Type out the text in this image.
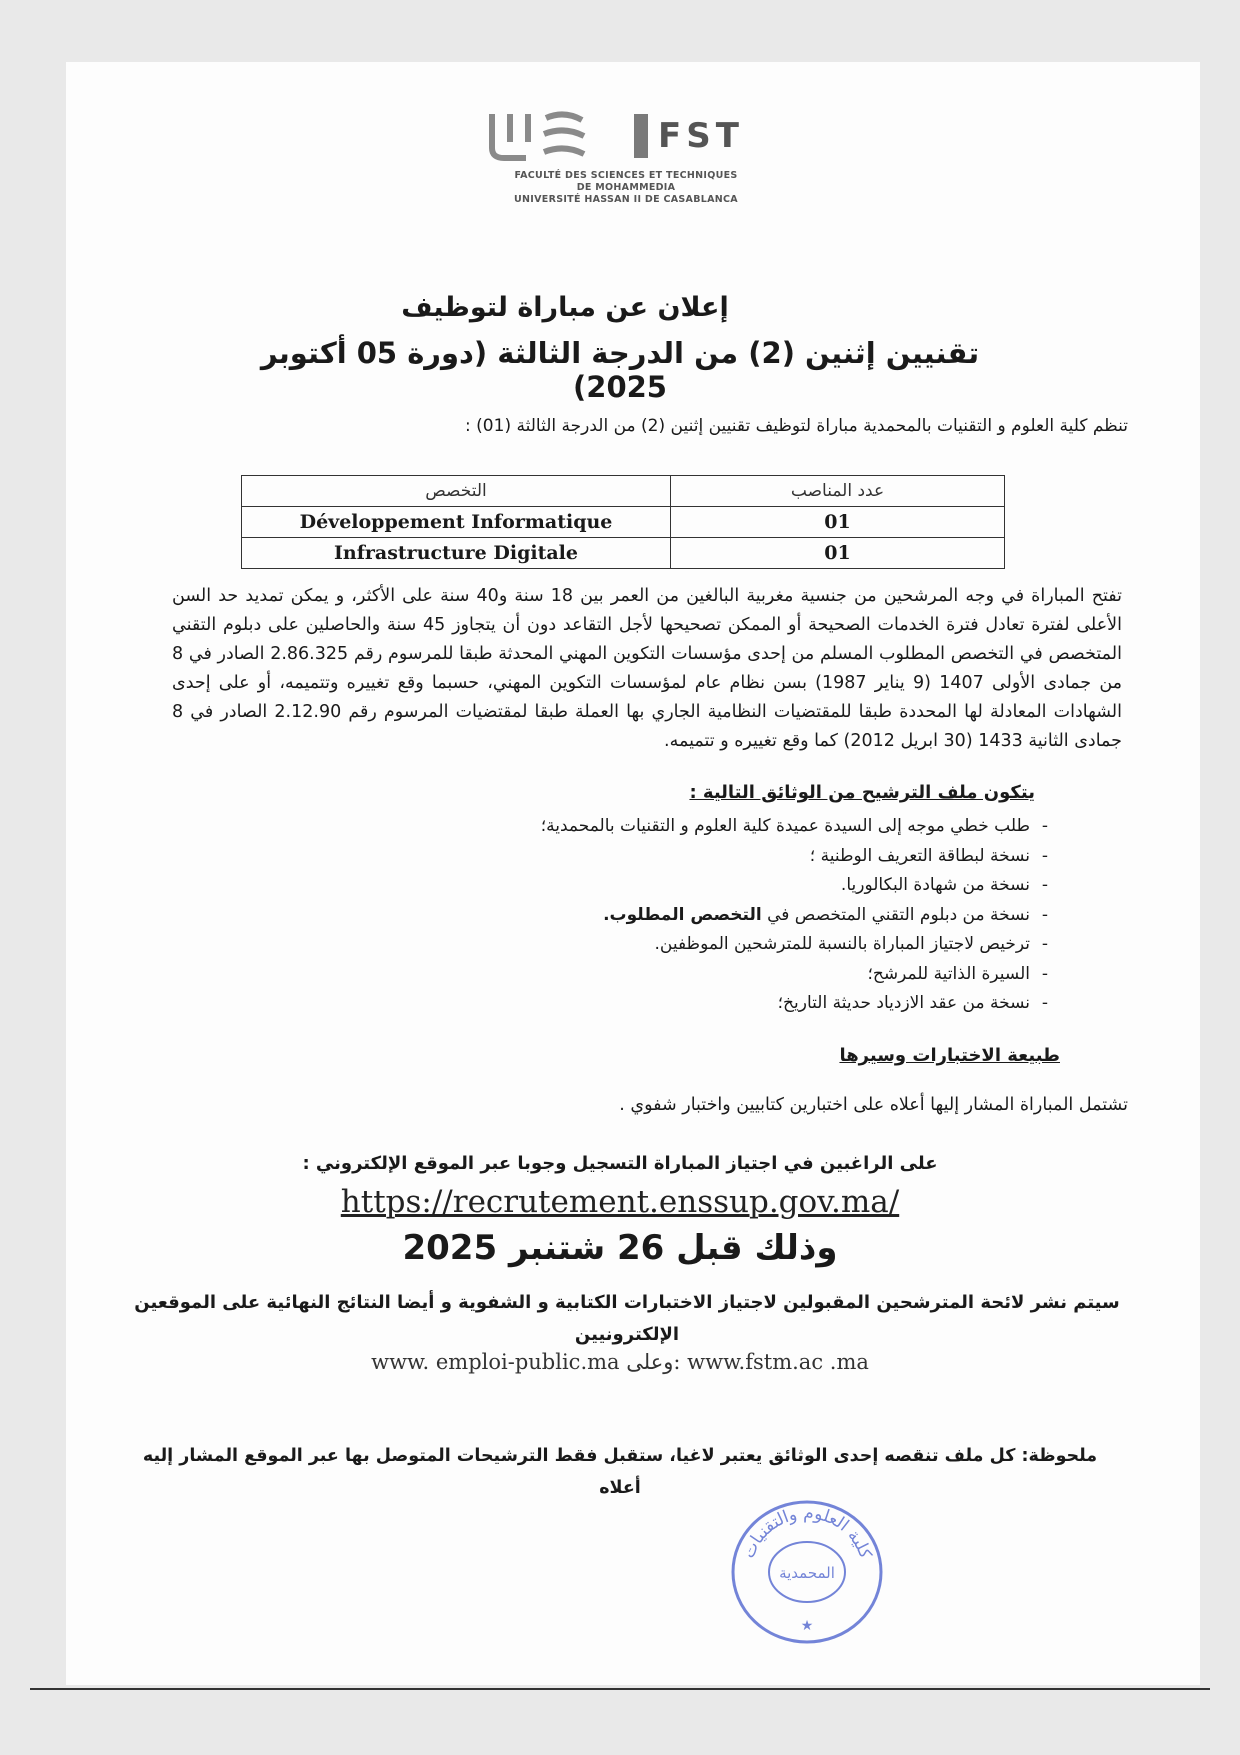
FST
FACULTÉ DES SCIENCES ET TECHNIQUES
DE MOHAMMEDIA
UNIVERSITÉ HASSAN II DE CASABLANCA
إعلان عن مباراة لتوظيف
تقنيين إثنين (2) من الدرجة الثالثة (دورة 05 أكتوبر 2025)
تنظم كلية العلوم و التقنيات بالمحمدية مباراة لتوظيف تقنيين إثنين (2) من الدرجة الثالثة (01) :
التخصص	عدد المناصب
Développement Informatique	01
Infrastructure Digitale	01
تفتح المباراة في وجه المرشحين من جنسية مغربية البالغين من العمر بين 18 سنة و40 سنة على الأكثر، و يمكن تمديد حد السن الأعلى لفترة تعادل فترة الخدمات الصحيحة أو الممكن تصحيحها لأجل التقاعد دون أن يتجاوز 45 سنة والحاصلين على دبلوم التقني المتخصص في التخصص المطلوب المسلم من إحدى مؤسسات التكوين المهني المحدثة طبقا للمرسوم رقم 2.86.325 الصادر في 8 من جمادى الأولى 1407 (9 يناير 1987) بسن نظام عام لمؤسسات التكوين المهني، حسبما وقع تغييره وتتميمه، أو على إحدى الشهادات المعادلة لها المحددة طبقا للمقتضيات النظامية الجاري بها العملة طبقا لمقتضيات المرسوم رقم 2.12.90 الصادر في 8 جمادى الثانية 1433 (30 ابريل 2012) كما وقع تغييره و تتميمه.
يتكون ملف الترشيح من الوثائق التالية :
-طلب خطي موجه إلى السيدة عميدة كلية العلوم و التقنيات بالمحمدية؛
-نسخة لبطاقة التعريف الوطنية ؛
-نسخة من شهادة البكالوريا.
-نسخة من دبلوم التقني المتخصص في التخصص المطلوب.
-ترخيص لاجتياز المباراة بالنسبة للمترشحين الموظفين.
-السيرة الذاتية للمرشح؛
-نسخة من عقد الازدياد حديثة التاريخ؛
طبيعة الاختبارات وسيرها
تشتمل المباراة المشار إليها أعلاه على اختبارين كتابيين واختبار شفوي .
على الراغبين في اجتياز المباراة التسجيل وجوبا عبر الموقع الإلكتروني :
https://recrutement.enssup.gov.ma/
وذلك قبل 26 شتنبر 2025
سيتم نشر لائحة المترشحين المقبولين لاجتياز الاختبارات الكتابية و الشفوية و أيضا النتائج النهائية على الموقعين الإلكترونيين
www. emploi-public.ma وعلى: www.fstm.ac .ma
ملحوظة: كل ملف تنقصه إحدى الوثائق يعتبر لاغيا، ستقبل فقط الترشيحات المتوصل بها عبر الموقع المشار إليه أعلاه
كلية العلوم والتقنيات
المحمدية
★
